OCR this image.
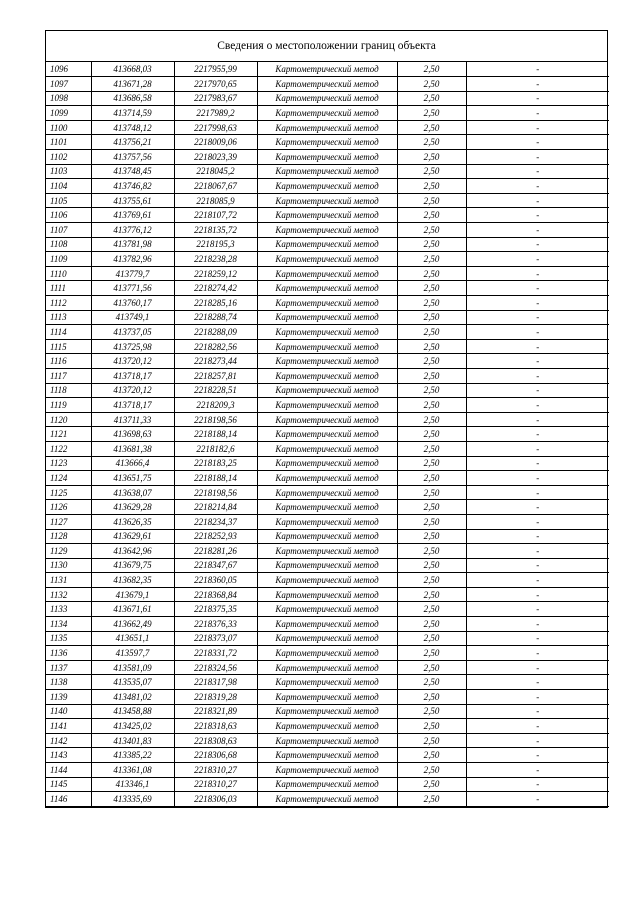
Сведения о местоположении границ объекта
1096	413668,03	2217955,99	Картометрический метод	2,50	-
1097	413671,28	2217970,65	Картометрический метод	2,50	-
1098	413686,58	2217983,67	Картометрический метод	2,50	-
1099	413714,59	2217989,2	Картометрический метод	2,50	-
1100	413748,12	2217998,63	Картометрический метод	2,50	-
1101	413756,21	2218009,06	Картометрический метод	2,50	-
1102	413757,56	2218023,39	Картометрический метод	2,50	-
1103	413748,45	2218045,2	Картометрический метод	2,50	-
1104	413746,82	2218067,67	Картометрический метод	2,50	-
1105	413755,61	2218085,9	Картометрический метод	2,50	-
1106	413769,61	2218107,72	Картометрический метод	2,50	-
1107	413776,12	2218135,72	Картометрический метод	2,50	-
1108	413781,98	2218195,3	Картометрический метод	2,50	-
1109	413782,96	2218238,28	Картометрический метод	2,50	-
1110	413779,7	2218259,12	Картометрический метод	2,50	-
1111	413771,56	2218274,42	Картометрический метод	2,50	-
1112	413760,17	2218285,16	Картометрический метод	2,50	-
1113	413749,1	2218288,74	Картометрический метод	2,50	-
1114	413737,05	2218288,09	Картометрический метод	2,50	-
1115	413725,98	2218282,56	Картометрический метод	2,50	-
1116	413720,12	2218273,44	Картометрический метод	2,50	-
1117	413718,17	2218257,81	Картометрический метод	2,50	-
1118	413720,12	2218228,51	Картометрический метод	2,50	-
1119	413718,17	2218209,3	Картометрический метод	2,50	-
1120	413711,33	2218198,56	Картометрический метод	2,50	-
1121	413698,63	2218188,14	Картометрический метод	2,50	-
1122	413681,38	2218182,6	Картометрический метод	2,50	-
1123	413666,4	2218183,25	Картометрический метод	2,50	-
1124	413651,75	2218188,14	Картометрический метод	2,50	-
1125	413638,07	2218198,56	Картометрический метод	2,50	-
1126	413629,28	2218214,84	Картометрический метод	2,50	-
1127	413626,35	2218234,37	Картометрический метод	2,50	-
1128	413629,61	2218252,93	Картометрический метод	2,50	-
1129	413642,96	2218281,26	Картометрический метод	2,50	-
1130	413679,75	2218347,67	Картометрический метод	2,50	-
1131	413682,35	2218360,05	Картометрический метод	2,50	-
1132	413679,1	2218368,84	Картометрический метод	2,50	-
1133	413671,61	2218375,35	Картометрический метод	2,50	-
1134	413662,49	2218376,33	Картометрический метод	2,50	-
1135	413651,1	2218373,07	Картометрический метод	2,50	-
1136	413597,7	2218331,72	Картометрический метод	2,50	-
1137	413581,09	2218324,56	Картометрический метод	2,50	-
1138	413535,07	2218317,98	Картометрический метод	2,50	-
1139	413481,02	2218319,28	Картометрический метод	2,50	-
1140	413458,88	2218321,89	Картометрический метод	2,50	-
1141	413425,02	2218318,63	Картометрический метод	2,50	-
1142	413401,83	2218308,63	Картометрический метод	2,50	-
1143	413385,22	2218306,68	Картометрический метод	2,50	-
1144	413361,08	2218310,27	Картометрический метод	2,50	-
1145	413346,1	2218310,27	Картометрический метод	2,50	-
1146	413335,69	2218306,03	Картометрический метод	2,50	-
